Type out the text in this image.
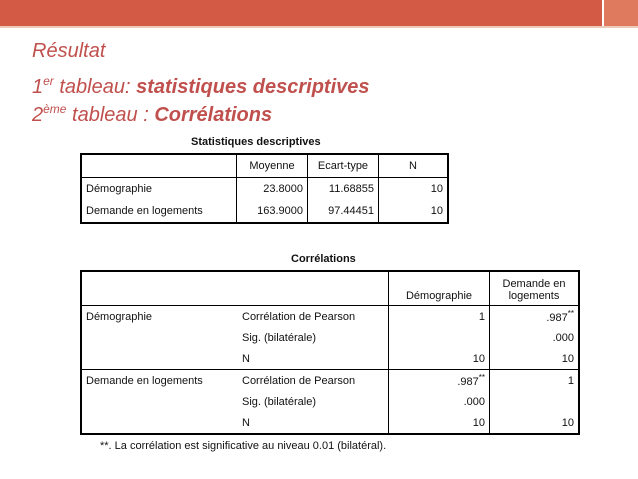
Résultat
1er tableau: statistiques descriptives
2ème tableau : Corrélations
Statistiques descriptives
	Moyenne	Ecart-type	N
Démographie	23.8000	11.68855	10
Demande en logements	163.9000	97.44451	10
Corrélations
		Démographie	Demande en logements
Démographie	Corrélation de Pearson	1	.987**
	Sig. (bilatérale)		.000
	N	10	10
Demande en logements	Corrélation de Pearson	.987**	1
	Sig. (bilatérale)	.000	
	N	10	10
**. La corrélation est significative au niveau 0.01 (bilatéral).
